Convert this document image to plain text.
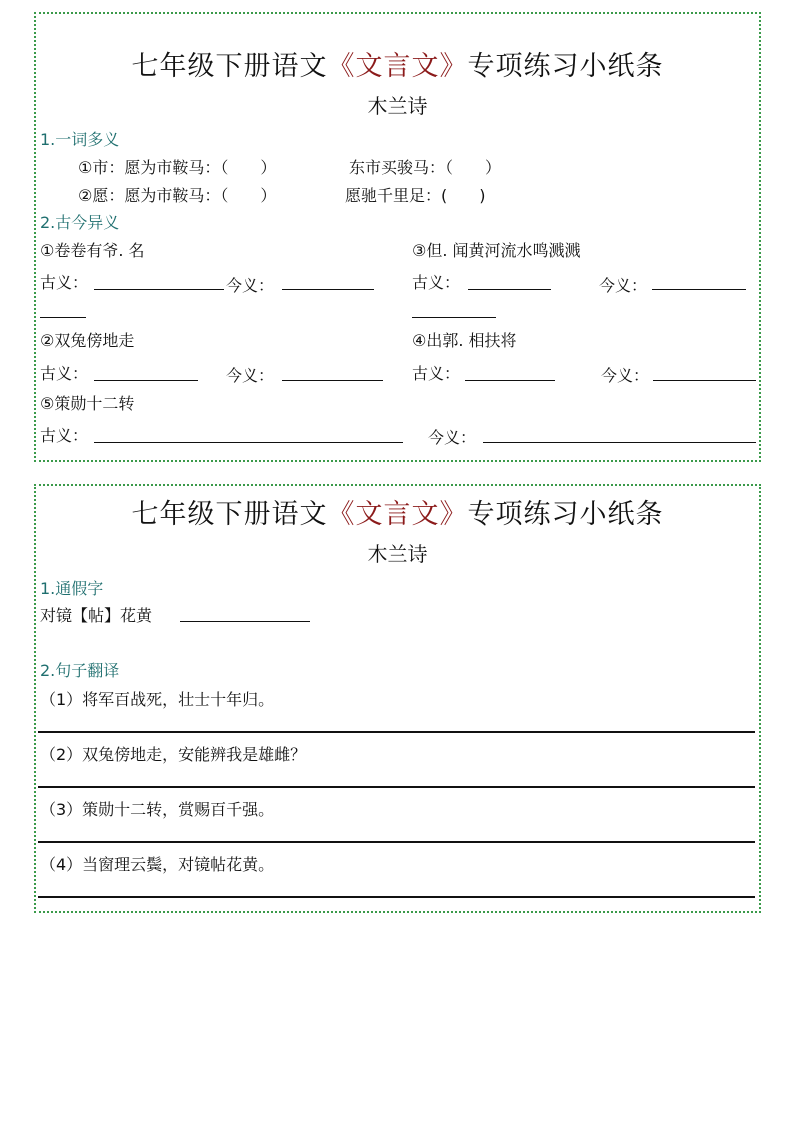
七年级下册语文《文言文》专项练习小纸条
木兰诗
1.一词多义
①市：愿为市鞍马：（　　）	东市买骏马：（　　）
②愿：愿为市鞍马：（　　）	愿驰千里足：(　　)
2.古今异义
①卷卷有爷. 名
古义：	今义：
③但. 闻黄河流水鸣溅溅
古义：	今义：
②双兔傍地走
古义：	今义：
④出郭. 相扶将
古义：	今义：
⑤策勋十二转
古义：	今义：
七年级下册语文《文言文》专项练习小纸条
木兰诗
1.通假字
对镜【帖】花黄
2.句子翻译
（1）将军百战死，壮士十年归。
（2）双兔傍地走，安能辨我是雄雌？
（3）策勋十二转，赏赐百千强。
（4）当窗理云鬓，对镜帖花黄。
